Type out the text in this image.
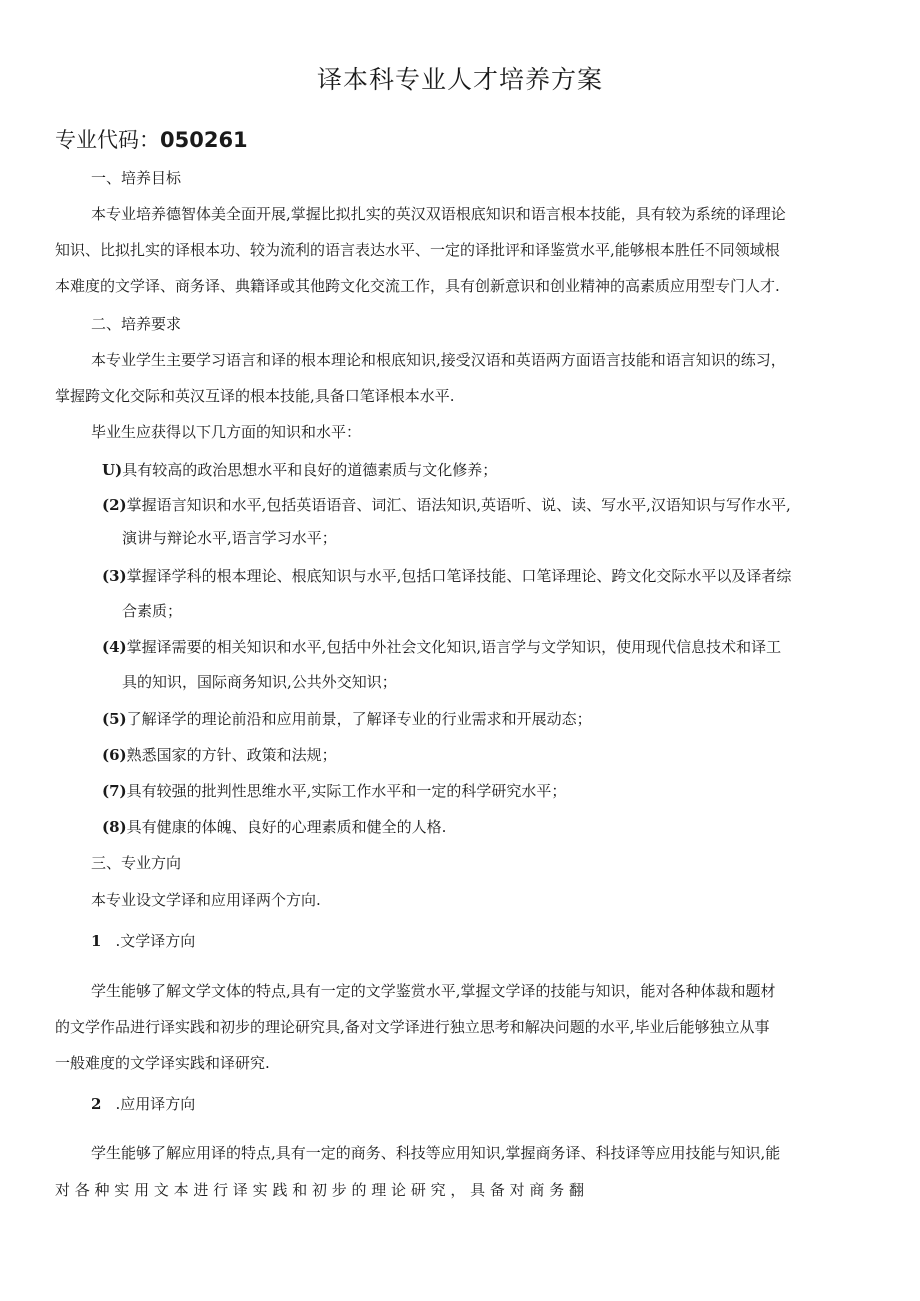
译本科专业人才培养方案
专业代码：050261
一、培养目标
本专业培养德智体美全面开展,掌握比拟扎实的英汉双语根底知识和语言根本技能，具有较为系统的译理论
知识、比拟扎实的译根本功、较为流利的语言表达水平、一定的译批评和译鉴赏水平,能够根本胜任不同领域根
本难度的文学译、商务译、典籍译或其他跨文化交流工作，具有创新意识和创业精神的高素质应用型专门人才.
二、培养要求
本专业学生主要学习语言和译的根本理论和根底知识,接受汉语和英语两方面语言技能和语言知识的练习，
掌握跨文化交际和英汉互译的根本技能,具备口笔译根本水平.
毕业生应获得以下几方面的知识和水平：
U)具有较高的政治思想水平和良好的道德素质与文化修养；
(2)掌握语言知识和水平,包括英语语音、词汇、语法知识,英语听、说、读、写水平,汉语知识与写作水平,
演讲与辩论水平,语言学习水平；
(3)掌握译学科的根本理论、根底知识与水平,包括口笔译技能、口笔译理论、跨文化交际水平以及译者综
合素质；
(4)掌握译需要的相关知识和水平,包括中外社会文化知识,语言学与文学知识，使用现代信息技术和译工
具的知识，国际商务知识,公共外交知识；
(5)了解译学的理论前沿和应用前景，了解译专业的行业需求和开展动态；
(6)熟悉国家的方针、政策和法规；
(7)具有较强的批判性思维水平,实际工作水平和一定的科学研究水平；
(8)具有健康的体魄、良好的心理素质和健全的人格.
三、专业方向
本专业设文学译和应用译两个方向.
1 .文学译方向
学生能够了解文学文体的特点,具有一定的文学鉴赏水平,掌握文学译的技能与知识，能对各种体裁和题材
的文学作品进行译实践和初步的理论研究具,备对文学译进行独立思考和解决问题的水平,毕业后能够独立从事
一般难度的文学译实践和译研究.
2 .应用译方向
学生能够了解应用译的特点,具有一定的商务、科技等应用知识,掌握商务译、科技译等应用技能与知识,能
对 各 种 实 用 文 本 进 行 译 实 践 和 初 步 的 理 论 研 究 ， 具 备 对 商 务 翻
